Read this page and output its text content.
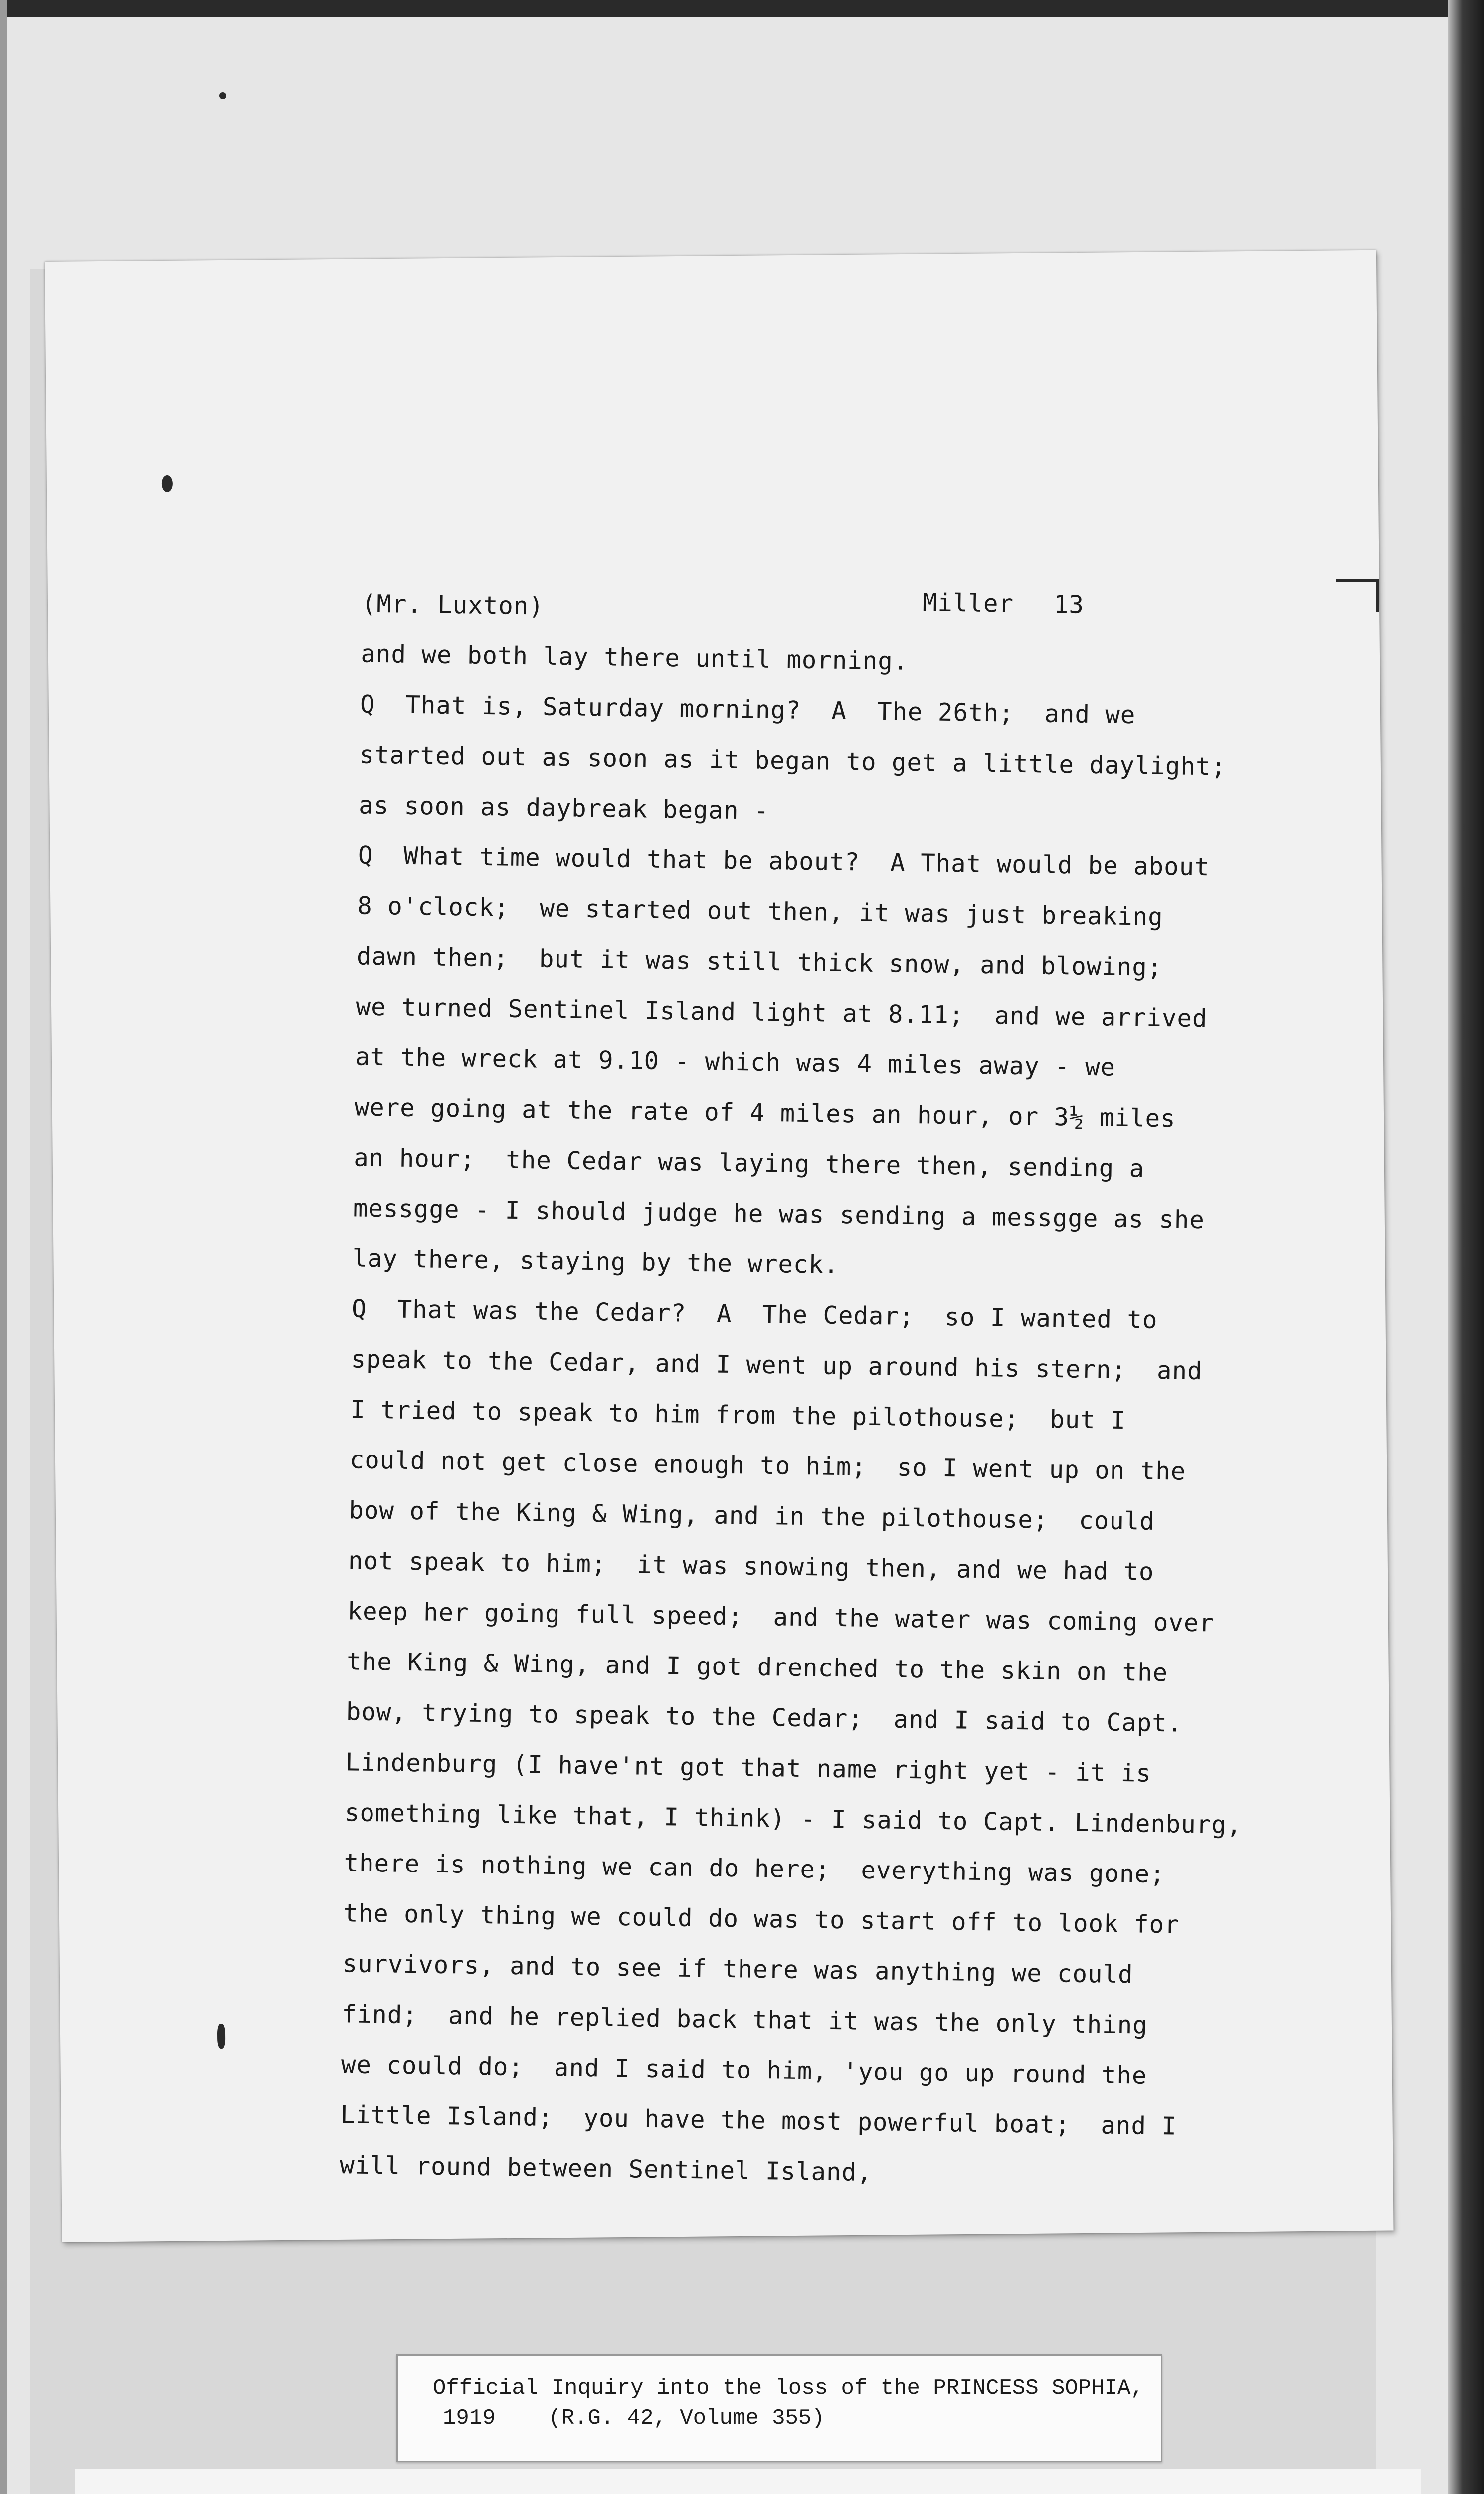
(Mr. Luxton)	Miller 13
and we both lay there until morning.
Q  That is, Saturday morning?  A  The 26th;  and we
started out as soon as it began to get a little daylight;
as soon as daybreak began -
Q  What time would that be about?  A That would be about
8 o'clock;  we started out then, it was just breaking
dawn then;  but it was still thick snow, and blowing;
we turned Sentinel Island light at 8.11;  and we arrived
at the wreck at 9.10 - which was 4 miles away - we
were going at the rate of 4 miles an hour, or 3½ miles
an hour;  the Cedar was laying there then, sending a
messgge - I should judge he was sending a messgge as she
lay there, staying by the wreck.
Q  That was the Cedar?  A  The Cedar;  so I wanted to
speak to the Cedar, and I went up around his stern;  and
I tried to speak to him from the pilothouse;  but I
could not get close enough to him;  so I went up on the
bow of the King & Wing, and in the pilothouse;  could
not speak to him;  it was snowing then, and we had to
keep her going full speed;  and the water was coming over
the King & Wing, and I got drenched to the skin on the
bow, trying to speak to the Cedar;  and I said to Capt.
Lindenburg (I have'nt got that name right yet - it is
something like that, I think) - I said to Capt. Lindenburg,
there is nothing we can do here;  everything was gone;
the only thing we could do was to start off to look for
survivors, and to see if there was anything we could
find;  and he replied back that it was the only thing
we could do;  and I said to him, 'you go up round the
Little Island;  you have the most powerful boat;  and I
will round between Sentinel Island,
Official Inquiry into the loss of the PRINCESS SOPHIA,
1919    (R.G. 42, Volume 355)
